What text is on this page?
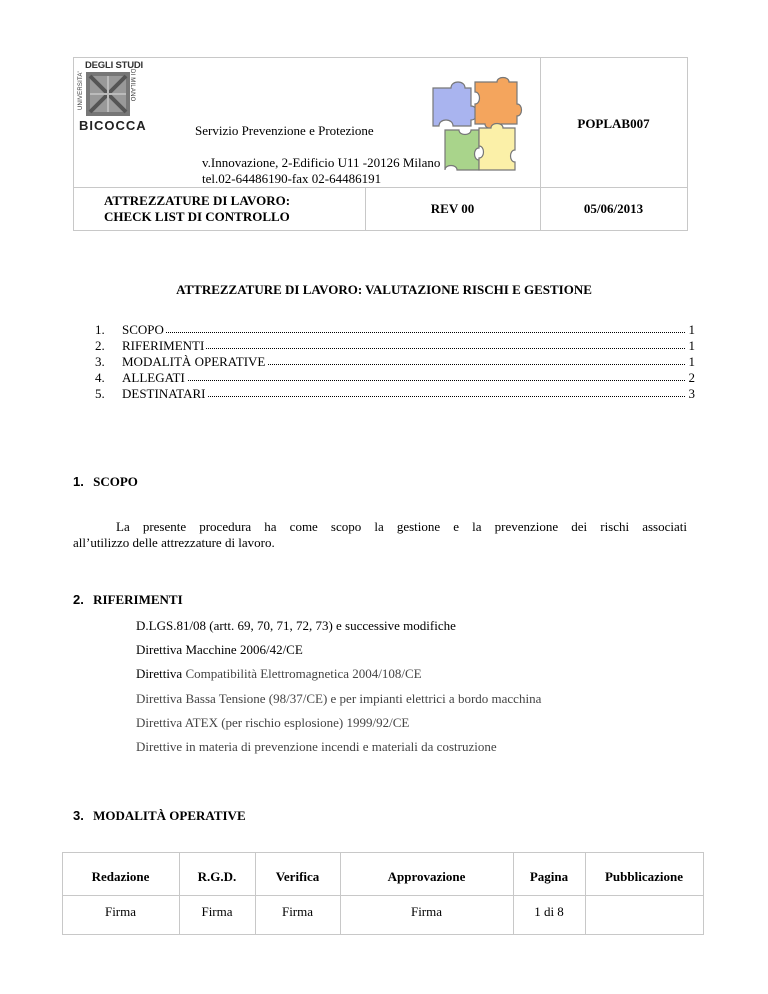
UNIVERSITA'
DEGLI STUDI
DI MILANO
BICOCCA	Servizio Prevenzione e Protezione	POPLAB007
v.Innovazione, 2-Edificio U11 -20126 Milano
tel.02-64486190-fax 02-64486191
ATTREZZATURE DI LAVORO:
CHECK LIST DI CONTROLLO
REV 00	05/06/2013
ATTREZZATURE DI LAVORO: VALUTAZIONE RISCHI E GESTIONE
1.	SCOPO	1
2.	RIFERIMENTI	1
3.	MODALITÀ OPERATIVE	1
4.	ALLEGATI	2
5.	DESTINATARI	3
1. SCOPO
La presente procedura ha come scopo la gestione e la prevenzione dei rischi associati
all’utilizzo delle attrezzature di lavoro.
2. RIFERIMENTI
D.LGS.81/08 (artt. 69, 70, 71, 72, 73) e successive modifiche
Direttiva Macchine 2006/42/CE
Direttiva Compatibilità Elettromagnetica 2004/108/CE
Direttiva Bassa Tensione (98/37/CE) e per impianti elettrici a bordo macchina
Direttiva ATEX (per rischio esplosione) 1999/92/CE
Direttive in materia di prevenzione incendi e materiali da costruzione
3. MODALITÀ OPERATIVE
Redazione	R.G.D.	Verifica	Approvazione	Pagina	Pubblicazione
Firma	Firma	Firma	Firma	1 di 8
